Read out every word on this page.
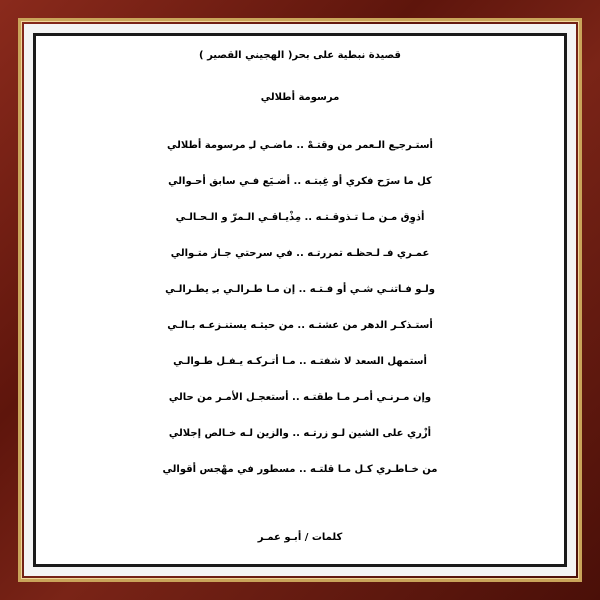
قصيدة نبطية على بحر( الهجيني القصير )
مرسومة أطلالي
أستـرجـِع الـعمر من وقتـهْ .. ماضـي لـِ مرسومة أطلالي
كل ما سرَح فكري أو غِبتـه .. أضـيَع فـي سابق أحـوالي
أذوِق مـن مـا تـذوقـتـه .. مِذْيـاقـي الـمرّ و الـحـالـي
عمـري فـ لـحظـه تمررتـه .. في سرحتي جـاز متـوالي
ولـو فـاتنـي شـي أو فـتـه .. إن مـا طـرالـي بـِ يطـرالـي
أستـذكـر الدهر من عشتـه .. من حيثـه يستنـزعـه بـالـي
أستمهل السعد لا شفتـه .. مـا أتـركـه يـفـل طـوالـي
وإن مـرنـي أمـر مـا طقتـه .. أستعجـل الأمـر من حالي
أزْري على الشين لـو زرتـه .. والزين لـه خـالص إجلالي
من خـاطـري كـل مـا قلتـه .. مسطور في مهْجس أقوالي
كلمات / أبـو عمـر
